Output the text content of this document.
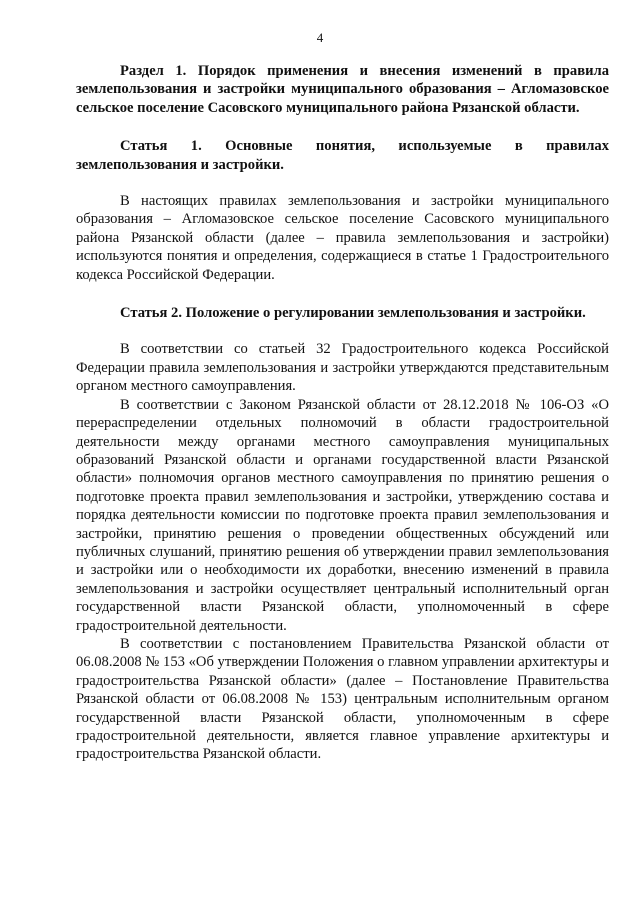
4

Раздел 1. Порядок применения и внесения изменений в правила землепользования и застройки муниципального образования – Агломазовское сельское поселение Сасовского муниципального района Рязанской области.

Статья 1. Основные понятия, используемые в правилах землепользования и застройки.

В настоящих правилах землепользования и застройки муниципального образования – Агломазовское сельское поселение Сасовского муниципального района Рязанской области (далее – правила землепользования и застройки) используются понятия и определения, содержащиеся в статье 1 Градостроительного кодекса Российской Федерации.

Статья 2. Положение о регулировании землепользования и застройки.

В соответствии со статьей 32 Градостроительного кодекса Российской Федерации правила землепользования и застройки утверждаются представительным органом местного самоуправления.

В соответствии с Законом Рязанской области от 28.12.2018 № 106-ОЗ «О перераспределении отдельных полномочий в области градостроительной деятельности между органами местного самоуправления муниципальных образований Рязанской области и органами государственной власти Рязанской области» полномочия органов местного самоуправления по принятию решения о подготовке проекта правил землепользования и застройки, утверждению состава и порядка деятельности комиссии по подготовке проекта правил землепользования и застройки, принятию решения о проведении общественных обсуждений или публичных слушаний, принятию решения об утверждении правил землепользования и застройки или о необходимости их доработки, внесению изменений в правила землепользования и застройки осуществляет центральный исполнительный орган государственной власти Рязанской области, уполномоченный в сфере градостроительной деятельности.

В соответствии с постановлением Правительства Рязанской области от 06.08.2008 № 153 «Об утверждении Положения о главном управлении архитектуры и градостроительства Рязанской области» (далее – Постановление Правительства Рязанской области от 06.08.2008 № 153) центральным исполнительным органом государственной власти Рязанской области, уполномоченным в сфере градостроительной деятельности, является главное управление архитектуры и градостроительства Рязанской области.
